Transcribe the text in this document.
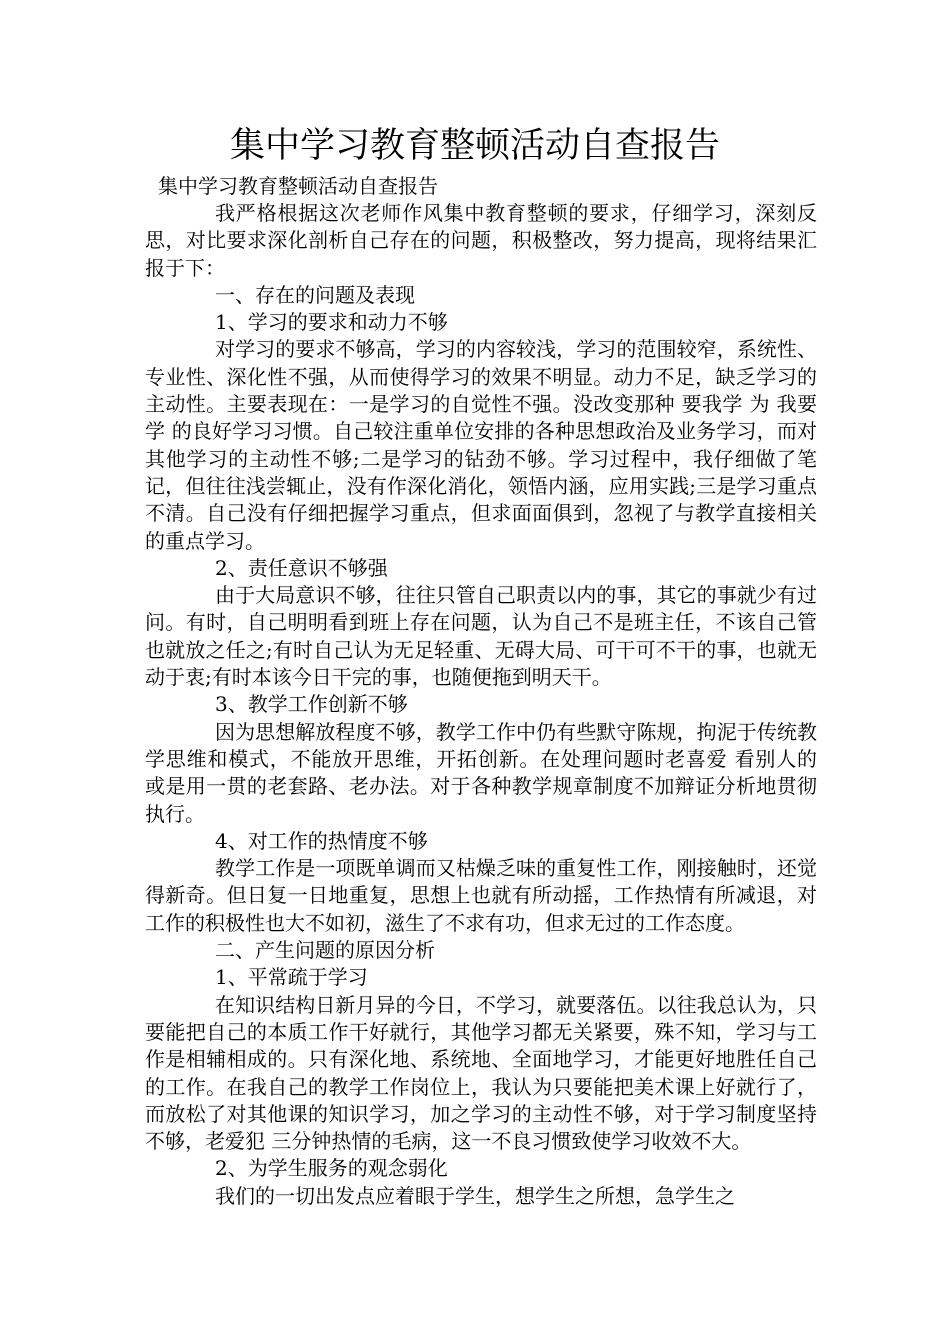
集中学习教育整顿活动自查报告
集中学习教育整顿活动自查报告

我严格根据这次老师作风集中教育整顿的要求，仔细学习，深刻反思，对比要求深化剖析自己存在的问题，积极整改，努力提高，现将结果汇报于下：

一、存在的问题及表现

1、学习的要求和动力不够

对学习的要求不够高，学习的内容较浅，学习的范围较窄，系统性、专业性、深化性不强，从而使得学习的效果不明显。动力不足，缺乏学习的主动性。主要表现在：一是学习的自觉性不强。没改变那种 要我学 为 我要学 的良好学习习惯。自己较注重单位安排的各种思想政治及业务学习，而对其他学习的主动性不够;二是学习的钻劲不够。学习过程中，我仔细做了笔记，但往往浅尝辄止，没有作深化消化，领悟内涵，应用实践;三是学习重点不清。自己没有仔细把握学习重点，但求面面俱到，忽视了与教学直接相关的重点学习。

2、责任意识不够强

由于大局意识不够，往往只管自己职责以内的事，其它的事就少有过问。有时，自己明明看到班上存在问题，认为自己不是班主任，不该自己管也就放之任之;有时自己认为无足轻重、无碍大局、可干可不干的事，也就无动于衷;有时本该今日干完的事，也随便拖到明天干。

3、教学工作创新不够

因为思想解放程度不够，教学工作中仍有些默守陈规，拘泥于传统教学思维和模式，不能放开思维，开拓创新。在处理问题时老喜爱 看别人的 或是用一贯的老套路、老办法。对于各种教学规章制度不加辩证分析地贯彻执行。

4、对工作的热情度不够

教学工作是一项既单调而又枯燥乏味的重复性工作，刚接触时，还觉得新奇。但日复一日地重复，思想上也就有所动摇，工作热情有所减退，对工作的积极性也大不如初，滋生了不求有功，但求无过的工作态度。

二、产生问题的原因分析

1、平常疏于学习

在知识结构日新月异的今日，不学习，就要落伍。以往我总认为，只要能把自己的本质工作干好就行，其他学习都无关紧要，殊不知，学习与工作是相辅相成的。只有深化地、系统地、全面地学习，才能更好地胜任自己的工作。在我自己的教学工作岗位上，我认为只要能把美术课上好就行了，而放松了对其他课的知识学习，加之学习的主动性不够，对于学习制度坚持不够，老爱犯 三分钟热情的毛病，这一不良习惯致使学习收效不大。

2、为学生服务的观念弱化

我们的一切出发点应着眼于学生，想学生之所想，急学生之
